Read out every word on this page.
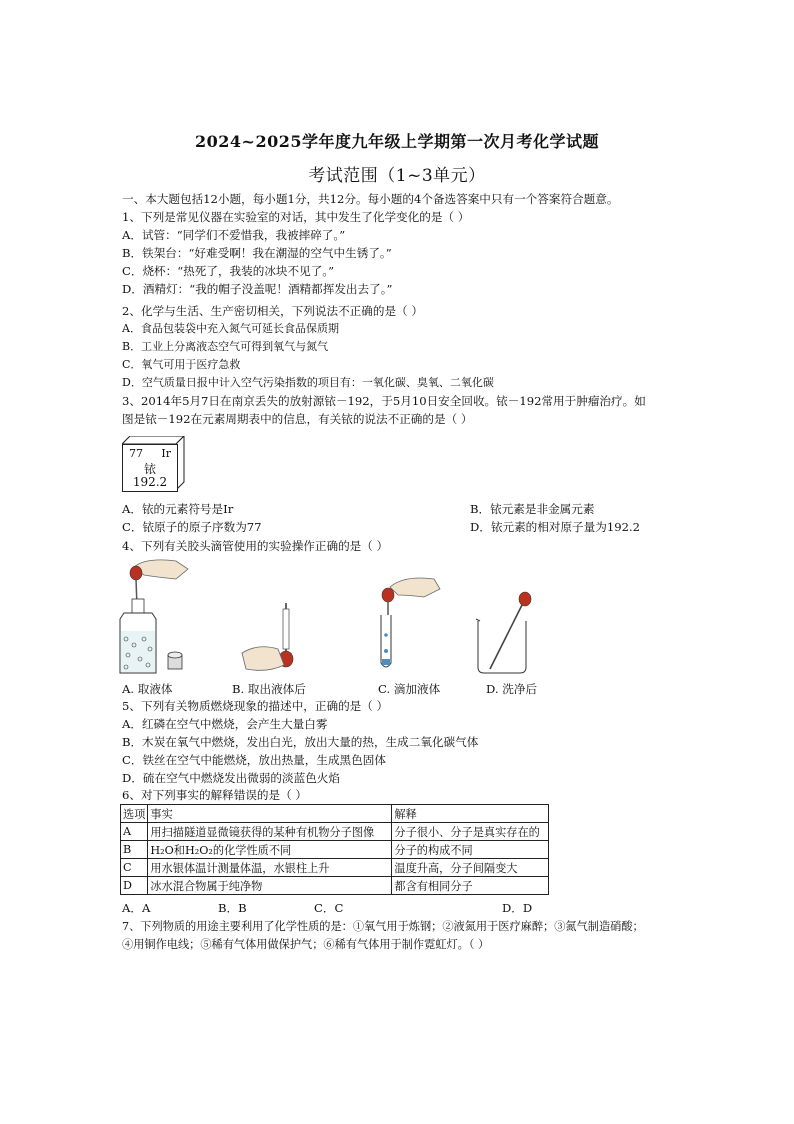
2024~2025学年度九年级上学期第一次月考化学试题
考试范围（1~3单元）
一、本大题包括12小题，每小题1分，共12分。每小题的4个备选答案中只有一个答案符合题意。
1、下列是常见仪器在实验室的对话，其中发生了化学变化的是（ ）
A．试管：“同学们不爱惜我，我被摔碎了。”
B．铁架台：“好难受啊！我在潮湿的空气中生锈了。”
C．烧杯：“热死了，我装的冰块不见了。”
D．酒精灯：“我的帽子没盖呢！酒精都挥发出去了。”
2、化学与生活、生产密切相关，下列说法不正确的是（ ）
A．食品包装袋中充入氮气可延长食品保质期
B．工业上分离液态空气可得到氧气与氮气
C．氧气可用于医疗急救
D．空气质量日报中计入空气污染指数的项目有：一氧化碳、臭氧、二氧化碳
3、2014年5月7日在南京丢失的放射源铱－192，于5月10日安全回收。铱－192常用于肿瘤治疗。如
图是铱－192在元素周期表中的信息，有关铱的说法不正确的是（ ）
77 Ir
铱
192.2
A．铱的元素符号是Ir	B．铱元素是非金属元素
C．铱原子的原子序数为77	D．铱元素的相对原子量为192.2
4、下列有关胶头滴管使用的实验操作正确的是（ ）
A. 取液体	B. 取出液体后	C. 滴加液体	D. 洗净后
5、下列有关物质燃烧现象的描述中，正确的是（ ）
A．红磷在空气中燃烧，会产生大量白雾
B．木炭在氧气中燃烧，发出白光，放出大量的热，生成二氧化碳气体
C．铁丝在空气中能燃烧，放出热量，生成黑色固体
D．硫在空气中燃烧发出微弱的淡蓝色火焰
6、对下列事实的解释错误的是（ ）
选项	事实	解释
A	用扫描隧道显微镜获得的某种有机物分子图像	分子很小、分子是真实存在的
B	H₂O和H₂O₂的化学性质不同	分子的构成不同
C	用水银体温计测量体温，水银柱上升	温度升高，分子间隔变大
D	冰水混合物属于纯净物	都含有相同分子
A．A	B．B	C．C	D．D
7、下列物质的用途主要利用了化学性质的是：①氧气用于炼钢；②液氮用于医疗麻醉；③氮气制造硝酸；
④用铜作电线；⑤稀有气体用做保护气；⑥稀有气体用于制作霓虹灯。（ ）
